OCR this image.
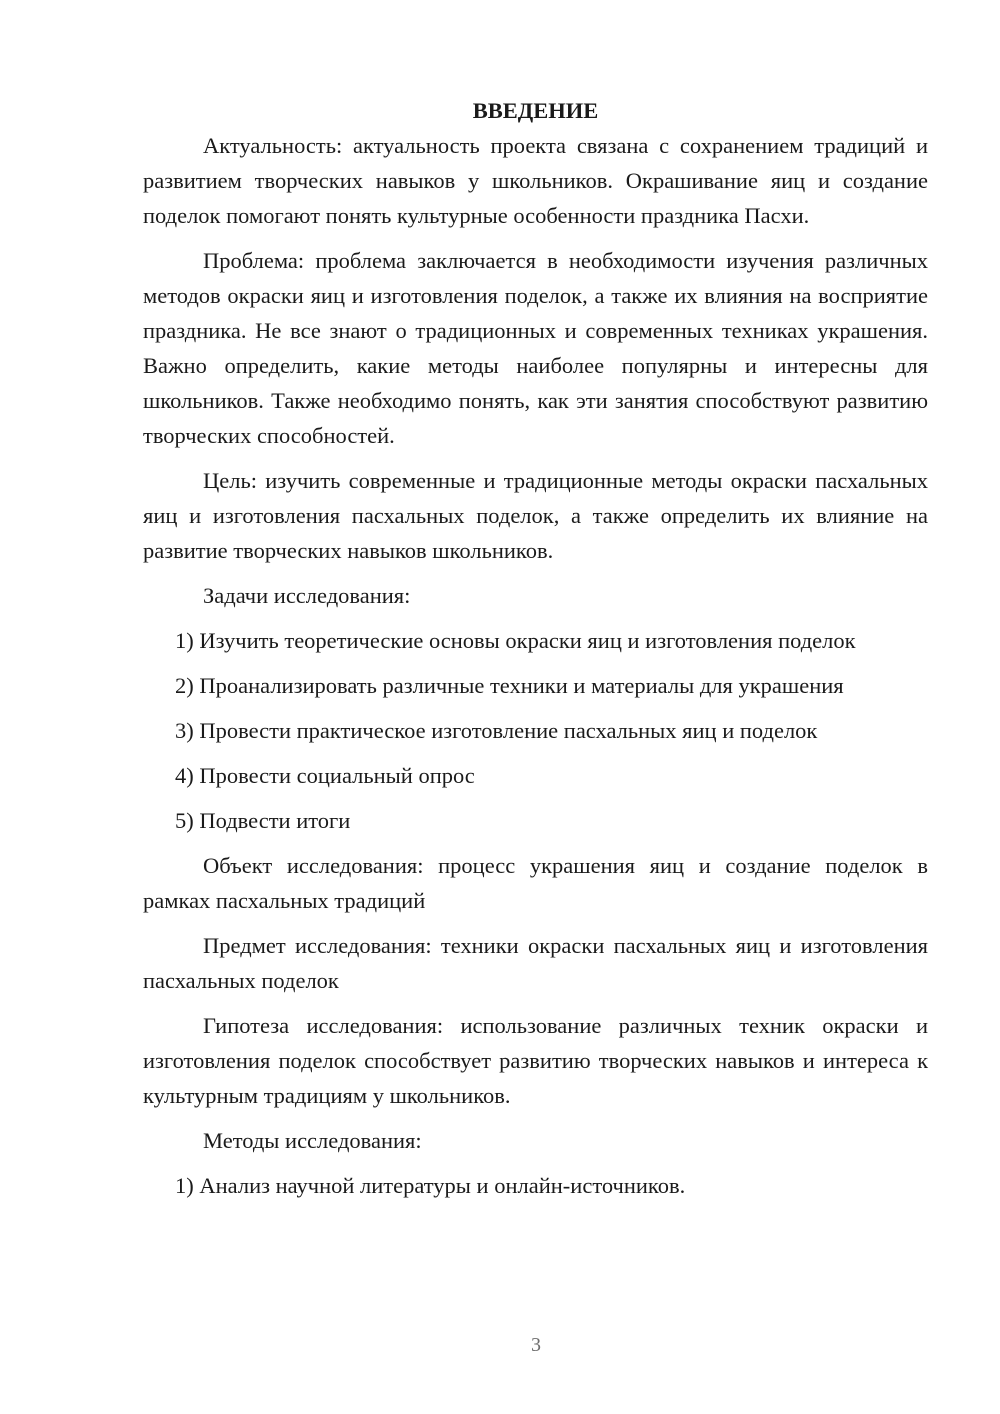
ВВЕДЕНИЕ

Актуальность: актуальность проекта связана с сохранением традиций и развитием творческих навыков у школьников. Окрашивание яиц и создание поделок помогают понять культурные особенности праздника Пасхи.

Проблема: проблема заключается в необходимости изучения различных методов окраски яиц и изготовления поделок, а также их влияния на восприятие праздника. Не все знают о традиционных и современных техниках украшения. Важно определить, какие методы наиболее популярны и интересны для школьников. Также необходимо понять, как эти занятия способствуют развитию творческих способностей.

Цель: изучить современные и традиционные методы окраски пасхальных яиц и изготовления пасхальных поделок, а также определить их влияние на развитие творческих навыков школьников.

Задачи исследования:

1) Изучить теоретические основы окраски яиц и изготовления поделок

2) Проанализировать различные техники и материалы для украшения

3) Провести практическое изготовление пасхальных яиц и поделок

4) Провести социальный опрос

5) Подвести итоги

Объект исследования: процесс украшения яиц и создание поделок в рамках пасхальных традиций

Предмет исследования: техники окраски пасхальных яиц и изготовления пасхальных поделок

Гипотеза исследования: использование различных техник окраски и изготовления поделок способствует развитию творческих навыков и интереса к культурным традициям у школьников.

Методы исследования:

1) Анализ научной литературы и онлайн-источников.

3
